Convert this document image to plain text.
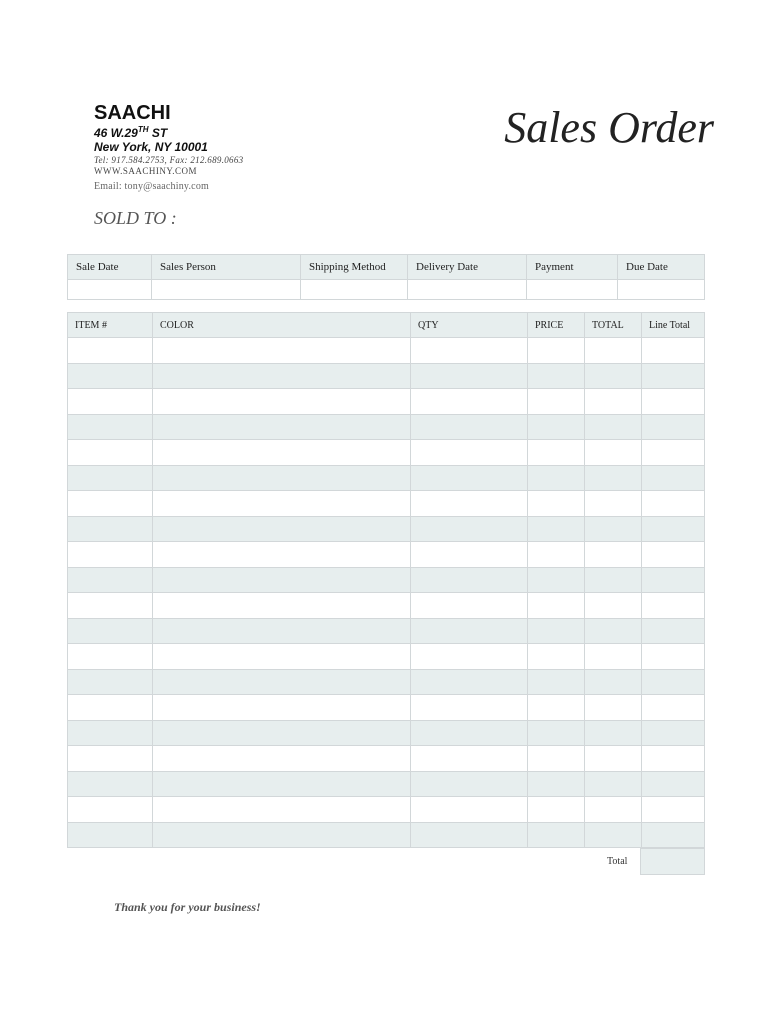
SAACHI
46 W.29TH ST
New York, NY 10001
Tel: 917.584.2753, Fax: 212.689.0663
WWW.SAACHINY.COM
Email: tony@saachiny.com
Sales Order
SOLD TO :
Sale Date	Sales Person	Shipping Method	Delivery Date	Payment	Due Date

ITEM #	COLOR	QTY	PRICE	TOTAL	Line Total

Total
Thank you for your business!
